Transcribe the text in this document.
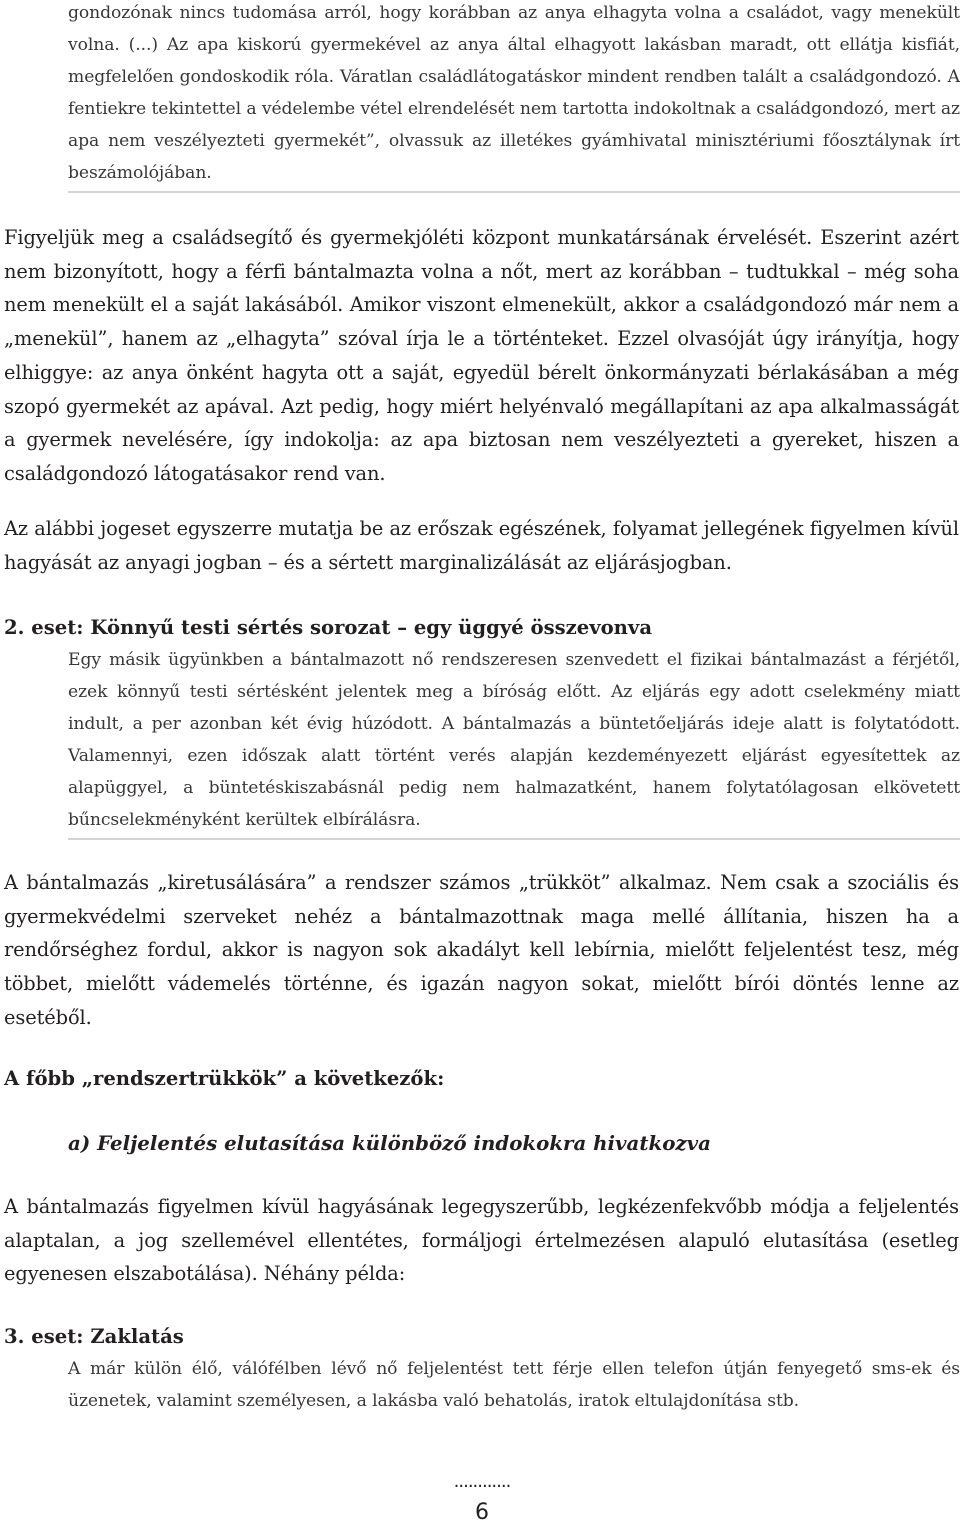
gondozónak nincs tudomása arról, hogy korábban az anya elhagyta volna a családot, vagy menekült volna. (...) Az apa kiskorú gyermekével az anya által elhagyott lakásban maradt, ott ellátja kisfiát, megfelelően gondoskodik róla. Váratlan családlátogatáskor mindent rendben talált a családgondozó. A fentiekre tekintettel a védelembe vétel elrendelését nem tartotta indokoltnak a családgondozó, mert az apa nem veszélyezteti gyermekét”, olvassuk az illetékes gyámhivatal minisztériumi főosztálynak írt beszámolójában.

Figyeljük meg a családsegítő és gyermekjóléti központ munkatársának érvelését. Eszerint azért nem bizonyított, hogy a férfi bántalmazta volna a nőt, mert az korábban – tudtukkal – még soha nem menekült el a saját lakásából. Amikor viszont elmenekült, akkor a családgondozó már nem a „menekül”, hanem az „elhagyta” szóval írja le a történteket. Ezzel olvasóját úgy irányítja, hogy elhiggye: az anya önként hagyta ott a saját, egyedül bérelt önkormányzati bérlakásában a még szopó gyermekét az apával. Azt pedig, hogy miért helyénvaló megállapítani az apa alkalmasságát a gyermek nevelésére, így indokolja: az apa biztosan nem veszélyezteti a gyereket, hiszen a családgondozó látogatásakor rend van.

Az alábbi jogeset egyszerre mutatja be az erőszak egészének, folyamat jellegének figyelmen kívül hagyását az anyagi jogban – és a sértett marginalizálását az eljárásjogban.

2. eset: Könnyű testi sértés sorozat – egy üggyé összevonva

Egy másik ügyünkben a bántalmazott nő rendszeresen szenvedett el fizikai bántalmazást a férjétől, ezek könnyű testi sértésként jelentek meg a bíróság előtt. Az eljárás egy adott cselekmény miatt indult, a per azonban két évig húzódott. A bántalmazás a büntetőeljárás ideje alatt is folytatódott. Valamennyi, ezen időszak alatt történt verés alapján kezdeményezett eljárást egyesítettek az alapüggyel, a büntetéskiszabásnál pedig nem halmazatként, hanem folytatólagosan elkövetett bűncselekményként kerültek elbírálásra.

A bántalmazás „kiretusálására” a rendszer számos „trükköt” alkalmaz. Nem csak a szociális és gyermekvédelmi szerveket nehéz a bántalmazottnak maga mellé állítania, hiszen ha a rendőrséghez fordul, akkor is nagyon sok akadályt kell lebírnia, mielőtt feljelentést tesz, még többet, mielőtt vádemelés történne, és igazán nagyon sokat, mielőtt bírói döntés lenne az esetéből.

A főbb „rendszertrükkök” a következők:
a) Feljelentés elutasítása különböző indokokra hivatkozva

A bántalmazás figyelmen kívül hagyásának legegyszerűbb, legkézenfekvőbb módja a feljelentés alaptalan, a jog szellemével ellentétes, formáljogi értelmezésen alapuló elutasítása (esetleg egyenesen elszabotálása). Néhány példa:

3. eset: Zaklatás

A már külön élő, válófélben lévő nő feljelentést tett férje ellen telefon útján fenyegető sms-ek és üzenetek, valamint személyesen, a lakásba való behatolás, iratok eltulajdonítása stb.

............
6
